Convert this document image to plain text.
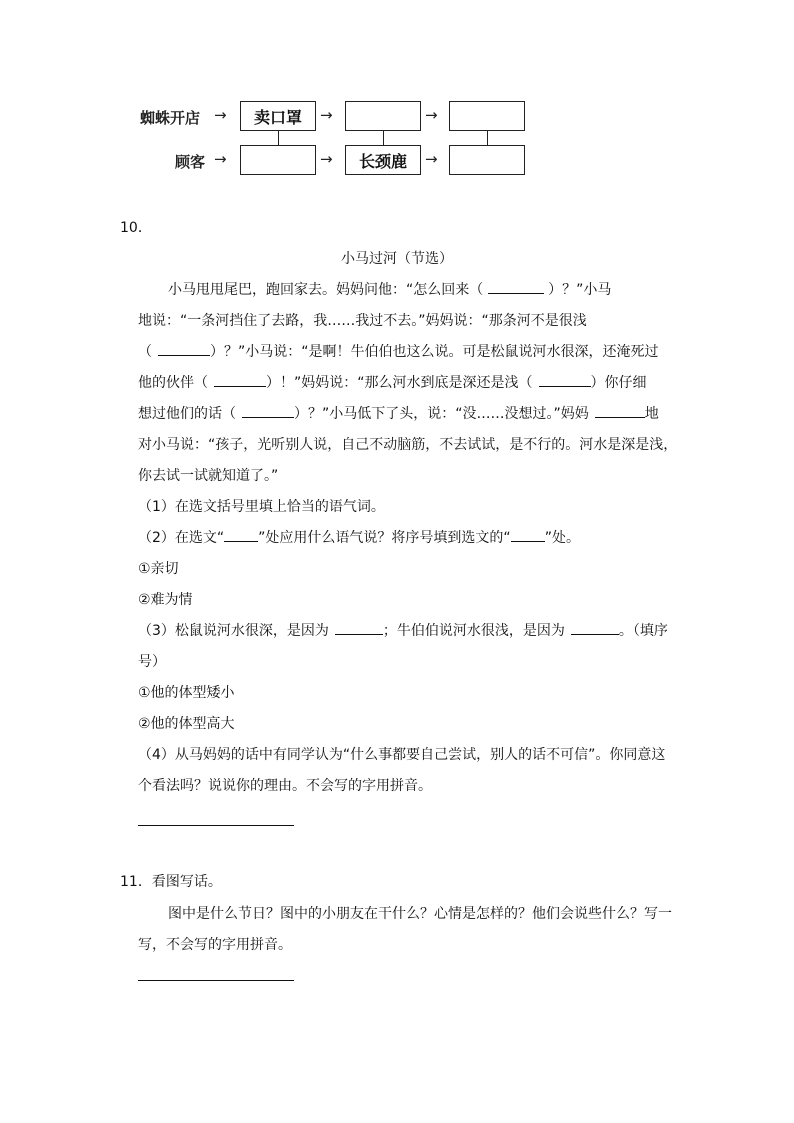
蜘蛛开店 →	卖口罩	→	→
顾客 →	→	长颈鹿	→
10．
小马过河（节选）
小马甩甩尾巴，跑回家去。妈妈问他：“怎么回来（	）？”小马
地说：“一条河挡住了去路，我……我过不去。”妈妈说：“那条河不是很浅
（	）？”小马说：“是啊！牛伯伯也这么说。可是松鼠说河水很深，还淹死过
他的伙伴（	）！”妈妈说：“那么河水到底是深还是浅（	）你仔细
想过他们的话（	）？”小马低下了头，说：“没……没想过。”妈妈	地
对小马说：“孩子，光听别人说，自己不动脑筋，不去试试，是不行的。河水是深是浅，
你去试一试就知道了。”
（1）在选文括号里填上恰当的语气词。
（2）在选文“ ”处应用什么语气说？将序号填到选文的“ ”处。
①亲切
②难为情
（3）松鼠说河水很深，是因为	；牛伯伯说河水很浅，是因为	。（填序
号）
①他的体型矮小
②他的体型高大
（4）从马妈妈的话中有同学认为“什么事都要自己尝试，别人的话不可信”。你同意这
个看法吗？说说你的理由。不会写的字用拼音。
11．看图写话。
图中是什么节日？图中的小朋友在干什么？心情是怎样的？他们会说些什么？写一
写，不会写的字用拼音。
